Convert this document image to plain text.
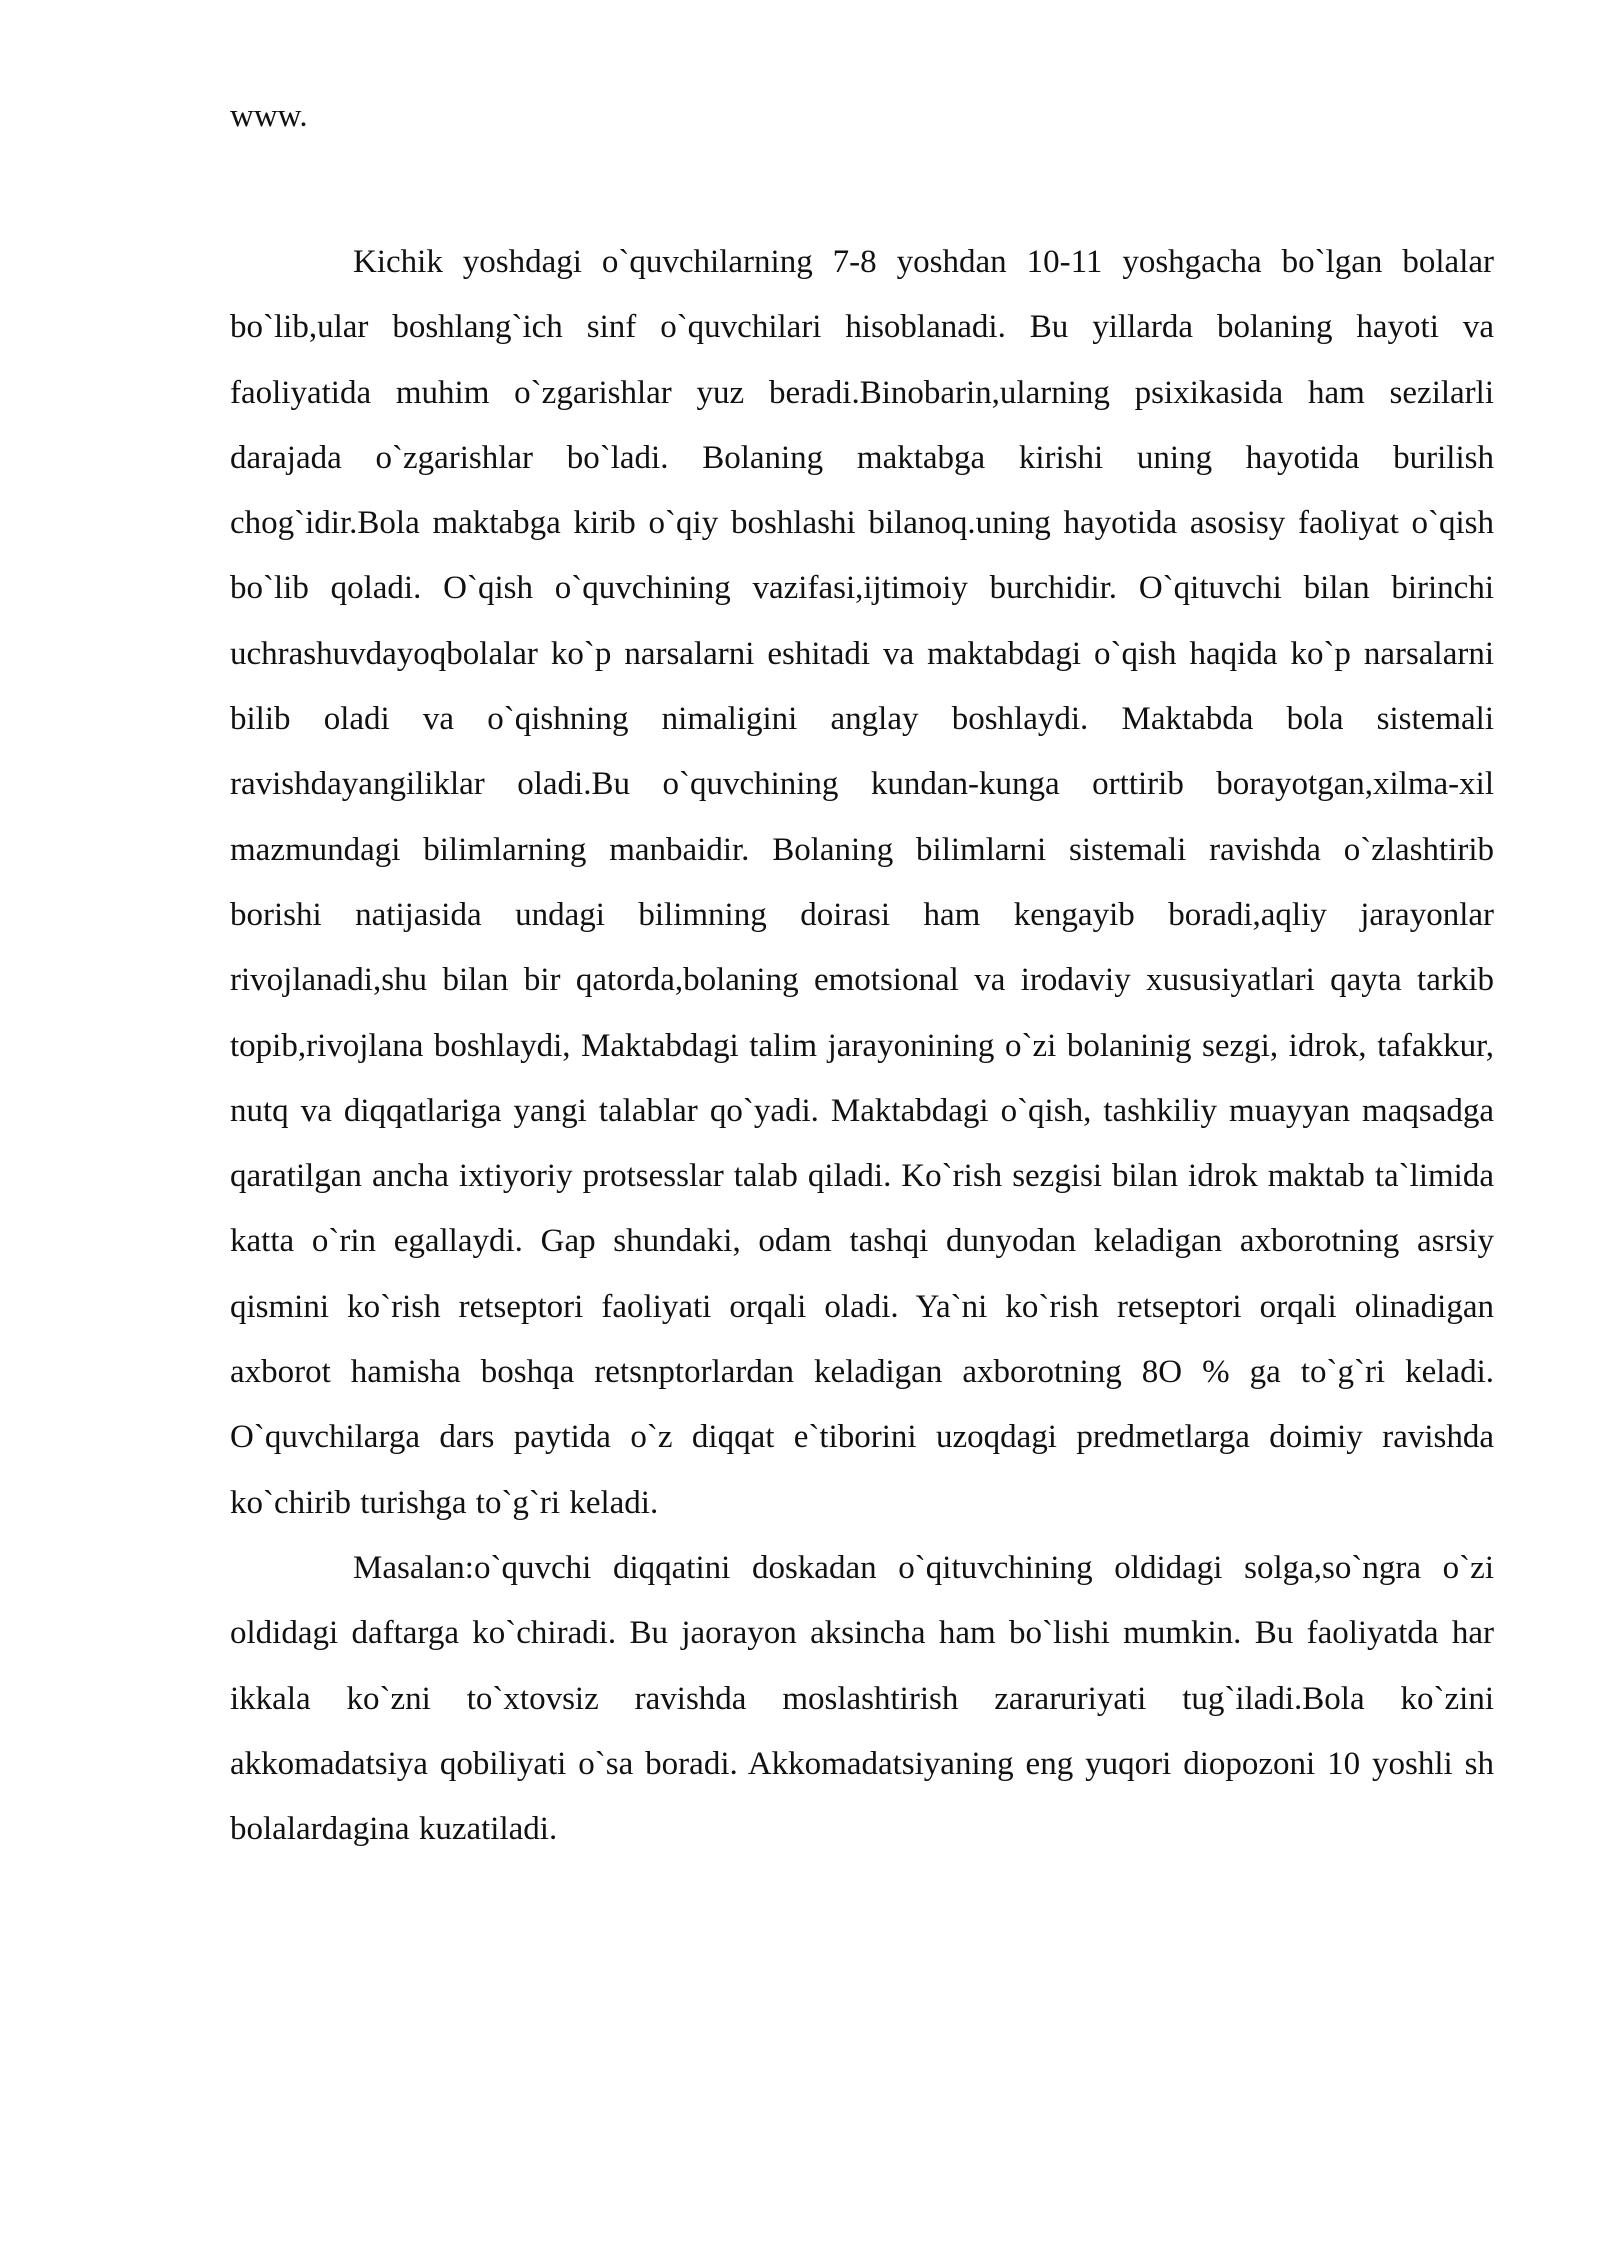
www.

Kichik yoshdagi o`quvchilarning 7-8 yoshdan 10-11 yoshgacha bo`lgan bolalar bo`lib,ular boshlang`ich sinf o`quvchilari hisoblanadi. Bu yillarda bolaning hayoti va faoliyatida muhim o`zgarishlar yuz beradi.Binobarin,ularning psixikasida ham sezilarli darajada o`zgarishlar bo`ladi. Bolaning maktabga kirishi uning hayotida burilish chog`idir.Bola maktabga kirib o`qiy boshlashi bilanoq.uning hayotida asosisy faoliyat o`qish bo`lib qoladi. O`qish o`quvchining vazifasi,ijtimoiy burchidir. O`qituvchi bilan birinchi uchrashuvdayoqbolalar ko`p narsalarni eshitadi va maktabdagi o`qish haqida ko`p narsalarni bilib oladi va o`qishning nimaligini anglay boshlaydi. Maktabda bola sistemali ravishdayangiliklar oladi.Bu o`quvchining kundan-kunga orttirib borayotgan,xilma-xil mazmundagi bilimlarning manbaidir. Bolaning bilimlarni sistemali ravishda o`zlashtirib borishi natijasida undagi bilimning doirasi ham kengayib boradi,aqliy jarayonlar rivojlanadi,shu bilan bir qatorda,bolaning emotsional va irodaviy xususiyatlari qayta tarkib topib,rivojlana boshlaydi, Maktabdagi talim jarayonining o`zi bolaninig sezgi, idrok, tafakkur, nutq va diqqatlariga yangi talablar qo`yadi. Maktabdagi o`qish, tashkiliy muayyan maqsadga qaratilgan ancha ixtiyoriy protsesslar talab qiladi. Ko`rish sezgisi bilan idrok maktab ta`limida katta o`rin egallaydi. Gap shundaki, odam tashqi dunyodan keladigan axborotning asrsiy qismini ko`rish retseptori faoliyati orqali oladi. Ya`ni ko`rish retseptori orqali olinadigan axborot hamisha boshqa retsnptorlardan keladigan axborotning 8O % ga to`g`ri keladi. O`quvchilarga dars paytida o`z diqqat e`tiborini uzoqdagi predmetlarga doimiy ravishda ko`chirib turishga to`g`ri keladi.

Masalan:o`quvchi diqqatini doskadan o`qituvchining oldidagi solga,so`ngra o`zi oldidagi daftarga ko`chiradi. Bu jaorayon aksincha ham bo`lishi mumkin. Bu faoliyatda har ikkala ko`zni to`xtovsiz ravishda moslashtirish zararuriyati tug`iladi.Bola ko`zini akkomadatsiya qobiliyati o`sa boradi. Akkomadatsiyaning eng yuqori diopozoni 10 yoshli sh bolalardagina kuzatiladi.
